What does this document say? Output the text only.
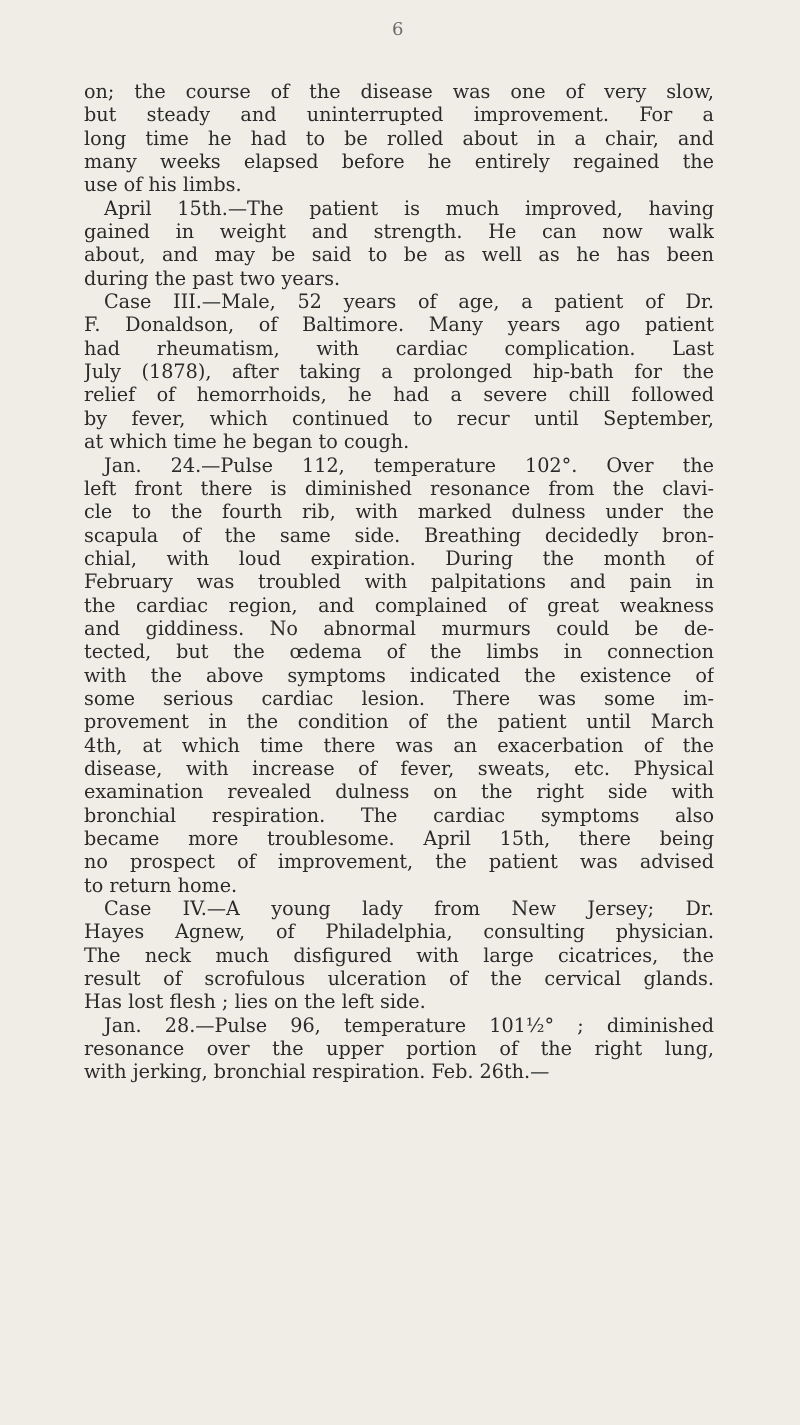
6
on; the course of the disease was one of very slow,
but steady and uninterrupted improvement. For a
long time he had to be rolled about in a chair, and
many weeks elapsed before he entirely regained the
use of his limbs.
April 15th.—The patient is much improved, having
gained in weight and strength. He can now walk
about, and may be said to be as well as he has been
during the past two years.
Case III.—Male, 52 years of age, a patient of Dr.
F. Donaldson, of Baltimore. Many years ago patient
had rheumatism, with cardiac complication. Last
July (1878), after taking a prolonged hip-bath for the
relief of hemorrhoids, he had a severe chill followed
by fever, which continued to recur until September,
at which time he began to cough.
Jan. 24.—Pulse 112, temperature 102°. Over the
left front there is diminished resonance from the clavi-
cle to the fourth rib, with marked dulness under the
scapula of the same side. Breathing decidedly bron-
chial, with loud expiration. During the month of
February was troubled with palpitations and pain in
the cardiac region, and complained of great weakness
and giddiness. No abnormal murmurs could be de-
tected, but the œdema of the limbs in connection
with the above symptoms indicated the existence of
some serious cardiac lesion. There was some im-
provement in the condition of the patient until March
4th, at which time there was an exacerbation of the
disease, with increase of fever, sweats, etc. Physical
examination revealed dulness on the right side with
bronchial respiration. The cardiac symptoms also
became more troublesome. April 15th, there being
no prospect of improvement, the patient was advised
to return home.
Case IV.—A young lady from New Jersey; Dr.
Hayes Agnew, of Philadelphia, consulting physician.
The neck much disfigured with large cicatrices, the
result of scrofulous ulceration of the cervical glands.
Has lost flesh ; lies on the left side.
Jan. 28.—Pulse 96, temperature 101½° ; diminished
resonance over the upper portion of the right lung,
with jerking, bronchial respiration. Feb. 26th.—
